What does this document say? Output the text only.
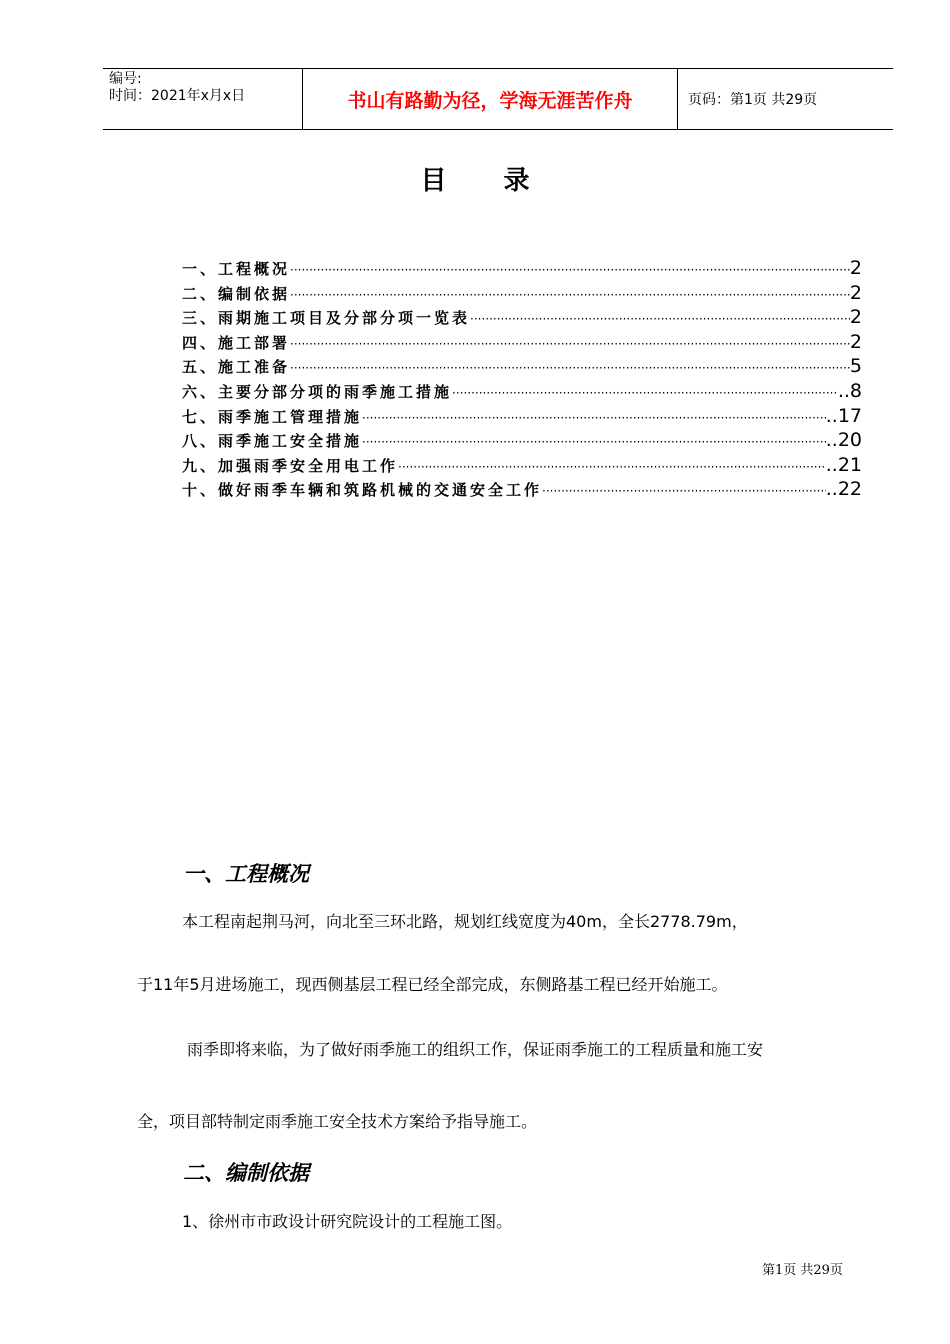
编号:
时间：2021年x月x日	书山有路勤为径，学海无涯苦作舟	页码：第1页 共29页
目 录
一、工程概况 ·····	2
二、编制依据 ·····	2
三、雨期施工项目及分部分项一览表 ·····	2
四、施工部署 ·····	2
五、施工准备 ·····	5
六、主要分部分项的雨季施工措施 ·····	..8
七、雨季施工管理措施 ·····	..17
八、雨季施工安全措施 ·····	..20
九、加强雨季安全用电工作 ·····	..21
十、做好雨季车辆和筑路机械的交通安全工作 ·····	..22
一、工程概况
本工程南起荆马河，向北至三环北路，规划红线宽度为40m，全长2778.79m，
于11年5月进场施工，现西侧基层工程已经全部完成，东侧路基工程已经开始施工。
雨季即将来临，为了做好雨季施工的组织工作，保证雨季施工的工程质量和施工安
全，项目部特制定雨季施工安全技术方案给予指导施工。
二、编制依据
1、徐州市市政设计研究院设计的工程施工图。
第1页 共29页
